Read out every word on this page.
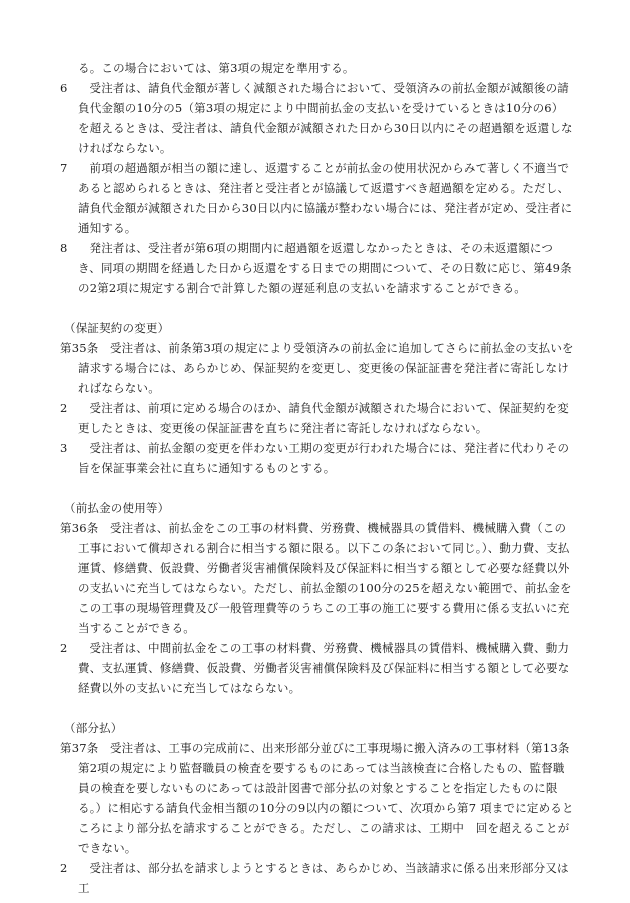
る。この場合においては、第3項の規定を準用する。

6	受注者は、請負代金額が著しく減額された場合において、受領済みの前払金額が減額後の請負代金額の10分の5（第3項の規定により中間前払金の支払いを受けているときは10分の6）を超えるときは、受注者は、請負代金額が減額された日から30日以内にその超過額を返還しなければならない。
7	前項の超過額が相当の額に達し、返還することが前払金の使用状況からみて著しく不適当であると認められるときは、発注者と受注者とが協議して返還すべき超過額を定める。ただし、請負代金額が減額された日から30日以内に協議が整わない場合には、発注者が定め、受注者に通知する。
8	発注者は、受注者が第6項の期間内に超過額を返還しなかったときは、その未返還額につき、同項の期間を経過した日から返還をする日までの期間について、その日数に応じ、第49条の2第2項に規定する割合で計算した額の遅延利息の支払いを請求することができる。

（保証契約の変更）

第35条 受注者は、前条第3項の規定により受領済みの前払金に追加してさらに前払金の支払いを請求する場合には、あらかじめ、保証契約を変更し、変更後の保証証書を発注者に寄託しなければならない。
2	受注者は、前項に定める場合のほか、請負代金額が減額された場合において、保証契約を変更したときは、変更後の保証証書を直ちに発注者に寄託しなければならない。
3	受注者は、前払金額の変更を伴わない工期の変更が行われた場合には、発注者に代わりその旨を保証事業会社に直ちに通知するものとする。

（前払金の使用等）

第36条 受注者は、前払金をこの工事の材料費、労務費、機械器具の賃借料、機械購入費（この工事において償却される割合に相当する額に限る。以下この条において同じ。）、動力費、支払運賃、修繕費、仮設費、労働者災害補償保険料及び保証料に相当する額として必要な経費以外の支払いに充当してはならない。ただし、前払金額の100分の25を超えない範囲で、前払金をこの工事の現場管理費及び一般管理費等のうちこの工事の施工に要する費用に係る支払いに充当することができる。
2	受注者は、中間前払金をこの工事の材料費、労務費、機械器具の賃借料、機械購入費、動力費、支払運賃、修繕費、仮設費、労働者災害補償保険料及び保証料に相当する額として必要な経費以外の支払いに充当してはならない。

（部分払）

第37条 受注者は、工事の完成前に、出来形部分並びに工事現場に搬入済みの工事材料（第13条第2項の規定により監督職員の検査を要するものにあっては当該検査に合格したもの、監督職員の検査を要しないものにあっては設計図書で部分払の対象とすることを指定したものに限る。）に相応する請負代金相当額の10分の9以内の額について、次項から第7 項までに定めるところにより部分払を請求することができる。ただし、この請求は、工期中　回を超えることができない。
2	受注者は、部分払を請求しようとするときは、あらかじめ、当該請求に係る出来形部分又は工
